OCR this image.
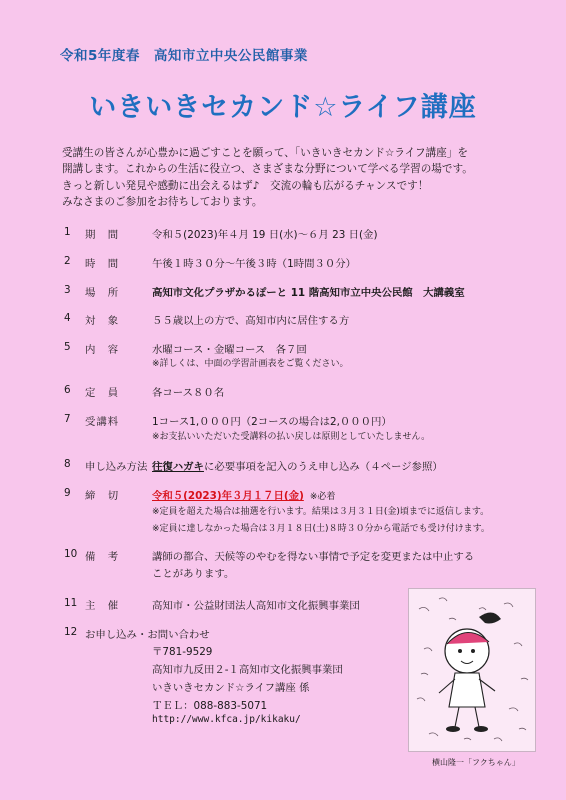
令和5年度春　高知市立中央公民館事業
いきいきセカンド☆ライフ講座
受講生の皆さんが心豊かに過ごすことを願って、「いきいきセカンド☆ライフ講座」を
開講します。これからの生活に役立つ、さまざまな分野について学べる学習の場です。
きっと新しい発見や感動に出会えるはず♪　交流の輪も広がるチャンスです！
みなさまのご参加をお待ちしております。
1 期　間	令和５(2023)年４月 19 日(水)～６月 23 日(金)
2 時　間	午後１時３０分～午後３時（1時間３０分）
3 場　所	高知市文化プラザかるぽーと 11 階高知市立中央公民館　大講義室
4 対　象	５５歳以上の方で、高知市内に居住する方
5 内　容	水曜コース・金曜コース　各７回
※詳しくは、中面の学習計画表をご覧ください。
6 定　員	各コース８０名
7 受講料	1コース1,０００円（2コースの場合は2,０００円）
※お支払いいただいた受講料の払い戻しは原則としていたしません。
8 申し込み方法 往復ハガキに必要事項を記入のうえ申し込み（４ページ参照）
9 締　切	令和５(2023)年３月１７日(金) ※必着
※定員を超えた場合は抽選を行います。結果は３月３１日(金)頃までに返信します。
※定員に達しなかった場合は３月１８日(土)８時３０分から電話でも受け付けます。
10 備　考	講師の都合、天候等のやむを得ない事情で予定を変更または中止する
ことがあります。
11 主　催	高知市・公益財団法人高知市文化振興事業団
12 お申し込み・お問い合わせ
〒781-9529
高知市九反田２-１高知市文化振興事業団
いきいきセカンド☆ライフ講座 係
ＴＥＬ：088-883-5071
http://www.kfca.jp/kikaku/
横山隆一「フクちゃん」
